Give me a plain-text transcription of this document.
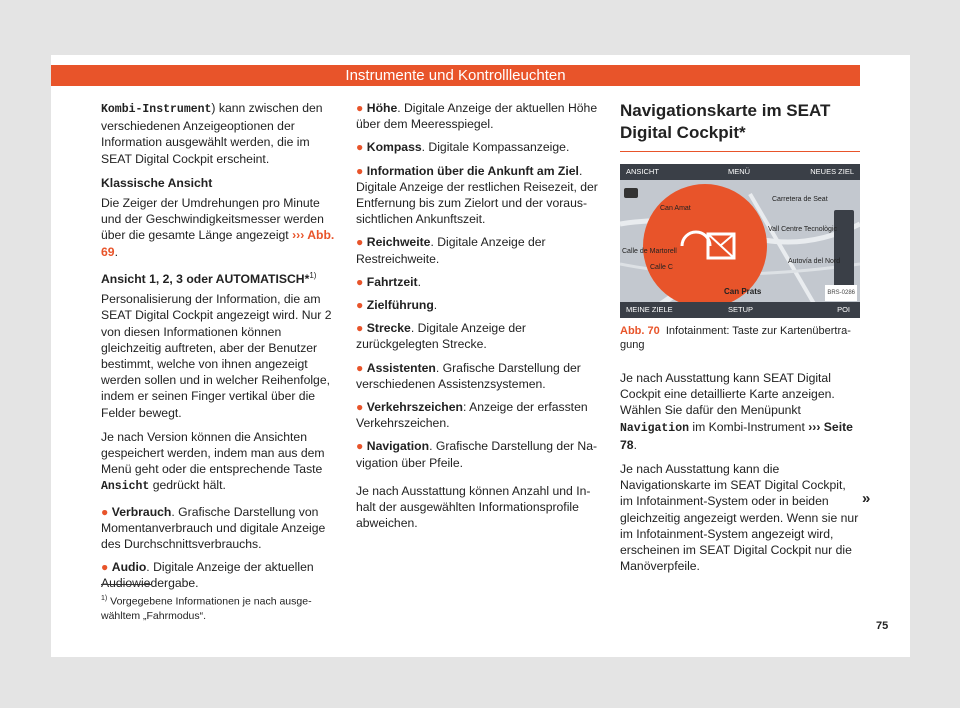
Instrumente und Kontrollleuchten

Kombi-Instrument) kann zwischen den verschiedenen Anzeigeoptionen der Information ausgewählt werden, die im SEAT Digital Cockpit erscheint.

Klassische Ansicht

Die Zeiger der Umdrehungen pro Minute und der Geschwindigkeitsmesser werden über die gesamte Länge angezeigt ››› Abb. 69.

Ansicht 1, 2, 3 oder AUTOMATISCH*$^{1)}$

Personalisierung der Information, die am SEAT Digital Cockpit angezeigt wird. Nur 2 von diesen Informationen können gleichzeitig auftreten, aber der Benutzer bestimmt, welche von ihnen angezeigt werden sollen und in welcher Reihenfolge, indem er seinen Finger vertikal über die Felder bewegt.

Je nach Version können die Ansichten gespeichert werden, indem man aus dem Menü geht oder die entsprechende Taste Ansicht gedrückt hält.

● Verbrauch. Grafische Darstellung von Momentanverbrauch und digitale Anzeige des Durchschnittsverbrauchs.

● Audio. Digitale Anzeige der aktuellen Audiowiedergabe.

● Höhe. Digitale Anzeige der aktuellen Höhe über dem Meeresspiegel.

● Kompass. Digitale Kompassanzeige.

● Information über die Ankunft am Ziel. Digitale Anzeige der restlichen Reisezeit, der Entfernung bis zum Zielort und der voraussichtlichen Ankunftszeit.

● Reichweite. Digitale Anzeige der Restreichweite.

● Fahrtzeit.

● Zielführung.

● Strecke. Digitale Anzeige der zurückgelegten Strecke.

● Assistenten. Grafische Darstellung der verschiedenen Assistenzsystemen.

● Verkehrszeichen: Anzeige der erfassten Verkehrszeichen.

● Navigation. Grafische Darstellung der Navigation über Pfeile.

Je nach Ausstattung können Anzahl und Inhalt der ausgewählten Informationsprofile abweichen.

Navigationskarte im SEAT Digital Cockpit*
ANSICHT	MENÜ	NEUES ZIEL
MEINE ZIELE	SETUP	POI
Can Amat
Carretera de Seat
Vall Centre Tecnològic
Calle de Martorell
Autovía del Nord
Can Prats
Calle C
BRS-0286
Abb. 70 Infotainment: Taste zur Kartenübertragung

Je nach Ausstattung kann SEAT Digital Cockpit eine detaillierte Karte anzeigen. Wählen Sie dafür den Menüpunkt Navigation im Kombi-Instrument ››› Seite 78.

Je nach Ausstattung kann die Navigationskarte im SEAT Digital Cockpit, im Infotainment-System oder in beiden gleichzeitig angezeigt werden. Wenn sie nur im Infotainment-System angezeigt wird, erscheinen im SEAT Digital Cockpit nur die Manöverpfeile.

»
$^{1)}$ Vorgegebene Informationen je nach ausgewähltem „Fahrmodus“.
75
